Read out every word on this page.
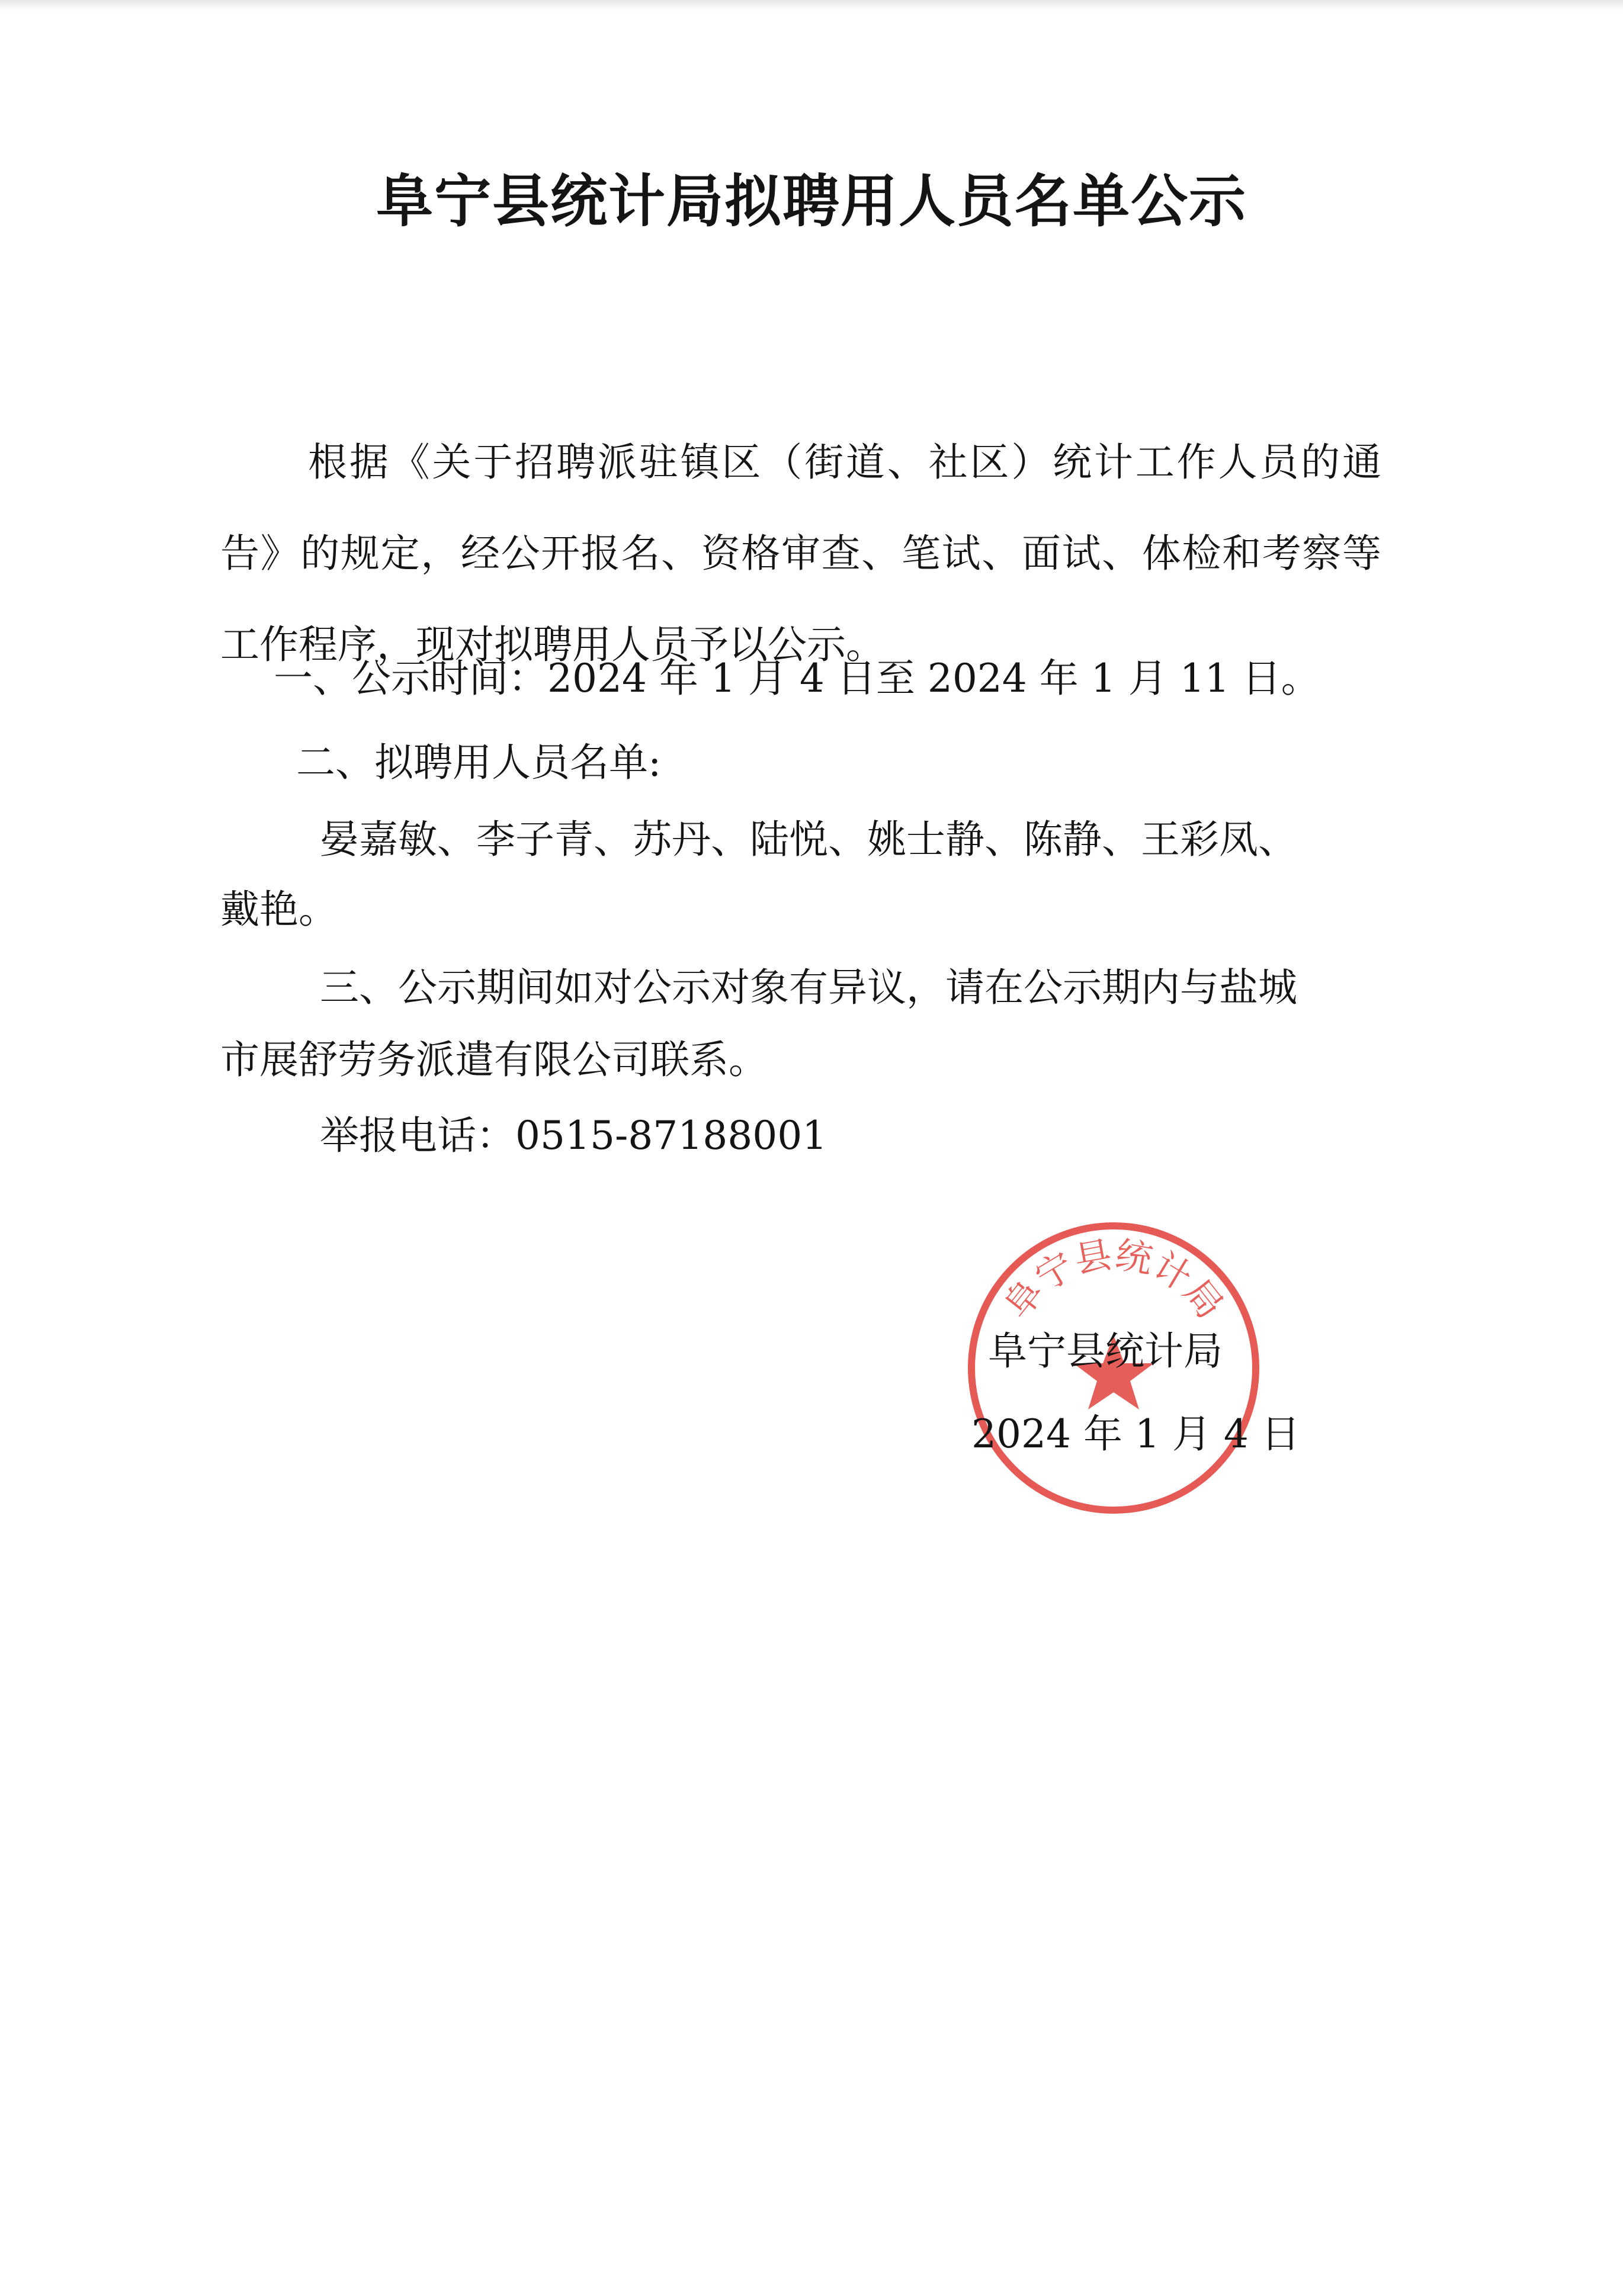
阜宁县统计局拟聘用人员名单公示

根据《关于招聘派驻镇区（街道、社区）统计工作人员的通告》的规定，经公开报名、资格审查、笔试、面试、体检和考察等工作程序，现对拟聘用人员予以公示。

一、公示时间：2024 年 1 月 4 日至 2024 年 1 月 11 日。

二、拟聘用人员名单:

晏嘉敏、李子青、苏丹、陆悦、姚士静、陈静、王彩凤、

戴艳。

三、公示期间如对公示对象有异议，请在公示期内与盐城

市展舒劳务派遣有限公司联系。

举报电话：0515-87188001

阜宁县统计局

阜宁县统计局

2024 年 1 月 4 日
